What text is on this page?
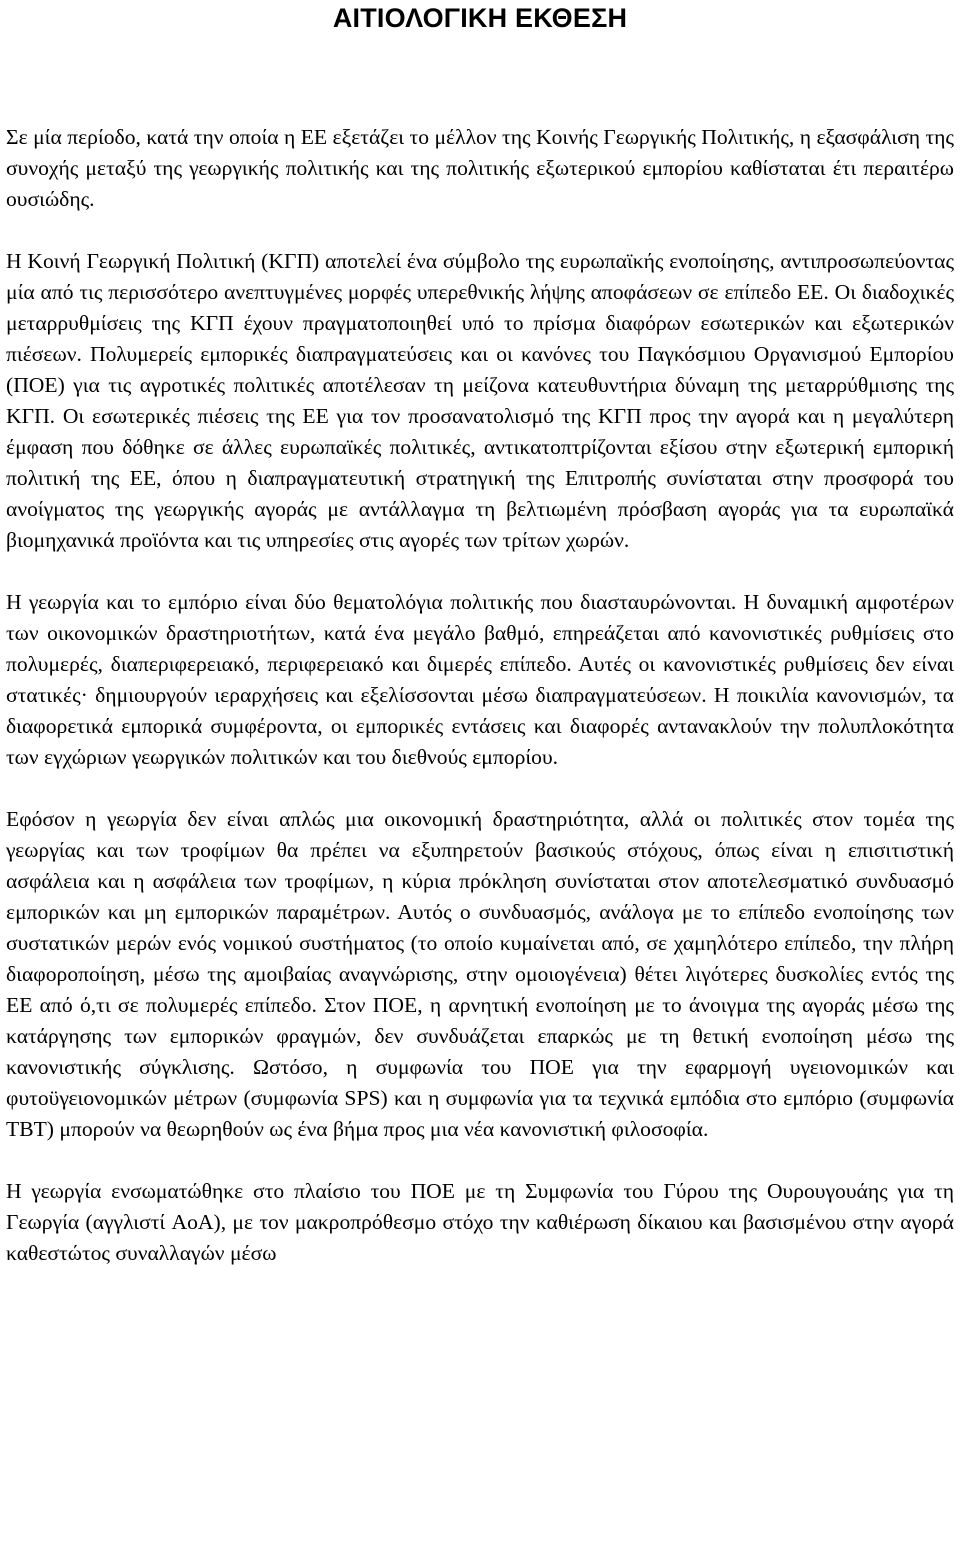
ΑΙΤΙΟΛΟΓΙΚΗ ΕΚΘΕΣΗ

Σε μία περίοδο, κατά την οποία η ΕΕ εξετάζει το μέλλον της Κοινής Γεωργικής Πολιτικής, η εξασφάλιση της συνοχής μεταξύ της γεωργικής πολιτικής και της πολιτικής εξωτερικού εμπορίου καθίσταται έτι περαιτέρω ουσιώδης.

Η Κοινή Γεωργική Πολιτική (ΚΓΠ) αποτελεί ένα σύμβολο της ευρωπαϊκής ενοποίησης, αντιπροσωπεύοντας μία από τις περισσότερο ανεπτυγμένες μορφές υπερεθνικής λήψης αποφάσεων σε επίπεδο ΕΕ. Οι διαδοχικές μεταρρυθμίσεις της ΚΓΠ έχουν πραγματοποιηθεί υπό το πρίσμα διαφόρων εσωτερικών και εξωτερικών πιέσεων. Πολυμερείς εμπορικές διαπραγματεύσεις και οι κανόνες του Παγκόσμιου Οργανισμού Εμπορίου (ΠΟΕ) για τις αγροτικές πολιτικές αποτέλεσαν τη μείζονα κατευθυντήρια δύναμη της μεταρρύθμισης της ΚΓΠ. Οι εσωτερικές πιέσεις της ΕΕ για τον προσανατολισμό της ΚΓΠ προς την αγορά και η μεγαλύτερη έμφαση που δόθηκε σε άλλες ευρωπαϊκές πολιτικές, αντικατοπτρίζονται εξίσου στην εξωτερική εμπορική πολιτική της ΕΕ, όπου η διαπραγματευτική στρατηγική της Επιτροπής συνίσταται στην προσφορά του ανοίγματος της γεωργικής αγοράς με αντάλλαγμα τη βελτιωμένη πρόσβαση αγοράς για τα ευρωπαϊκά βιομηχανικά προϊόντα και τις υπηρεσίες στις αγορές των τρίτων χωρών.

Η γεωργία και το εμπόριο είναι δύο θεματολόγια πολιτικής που διασταυρώνονται. Η δυναμική αμφοτέρων των οικονομικών δραστηριοτήτων, κατά ένα μεγάλο βαθμό, επηρεάζεται από κανονιστικές ρυθμίσεις στο πολυμερές, διαπεριφερειακό, περιφερειακό και διμερές επίπεδο. Αυτές οι κανονιστικές ρυθμίσεις δεν είναι στατικές· δημιουργούν ιεραρχήσεις και εξελίσσονται μέσω διαπραγματεύσεων. Η ποικιλία κανονισμών, τα διαφορετικά εμπορικά συμφέροντα, οι εμπορικές εντάσεις και διαφορές αντανακλούν την πολυπλοκότητα των εγχώριων γεωργικών πολιτικών και του διεθνούς εμπορίου.

Εφόσον η γεωργία δεν είναι απλώς μια οικονομική δραστηριότητα, αλλά οι πολιτικές στον τομέα της γεωργίας και των τροφίμων θα πρέπει να εξυπηρετούν βασικούς στόχους, όπως είναι η επισιτιστική ασφάλεια και η ασφάλεια των τροφίμων, η κύρια πρόκληση συνίσταται στον αποτελεσματικό συνδυασμό εμπορικών και μη εμπορικών παραμέτρων. Αυτός ο συνδυασμός, ανάλογα με το επίπεδο ενοποίησης των συστατικών μερών ενός νομικού συστήματος (το οποίο κυμαίνεται από, σε χαμηλότερο επίπεδο, την πλήρη διαφοροποίηση, μέσω της αμοιβαίας αναγνώρισης, στην ομοιογένεια) θέτει λιγότερες δυσκολίες εντός της ΕΕ από ό,τι σε πολυμερές επίπεδο. Στον ΠΟΕ, η αρνητική ενοποίηση με το άνοιγμα της αγοράς μέσω της κατάργησης των εμπορικών φραγμών, δεν συνδυάζεται επαρκώς με τη θετική ενοποίηση μέσω της κανονιστικής σύγκλισης. Ωστόσο, η συμφωνία του ΠΟΕ για την εφαρμογή υγειονομικών και φυτοϋγειονομικών μέτρων (συμφωνία SPS) και η συμφωνία για τα τεχνικά εμπόδια στο εμπόριο (συμφωνία TBT) μπορούν να θεωρηθούν ως ένα βήμα προς μια νέα κανονιστική φιλοσοφία.

Η γεωργία ενσωματώθηκε στο πλαίσιο του ΠΟΕ με τη Συμφωνία του Γύρου της Ουρουγουάης για τη Γεωργία (αγγλιστί AoA), με τον μακροπρόθεσμο στόχο την καθιέρωση δίκαιου και βασισμένου στην αγορά καθεστώτος συναλλαγών μέσω
